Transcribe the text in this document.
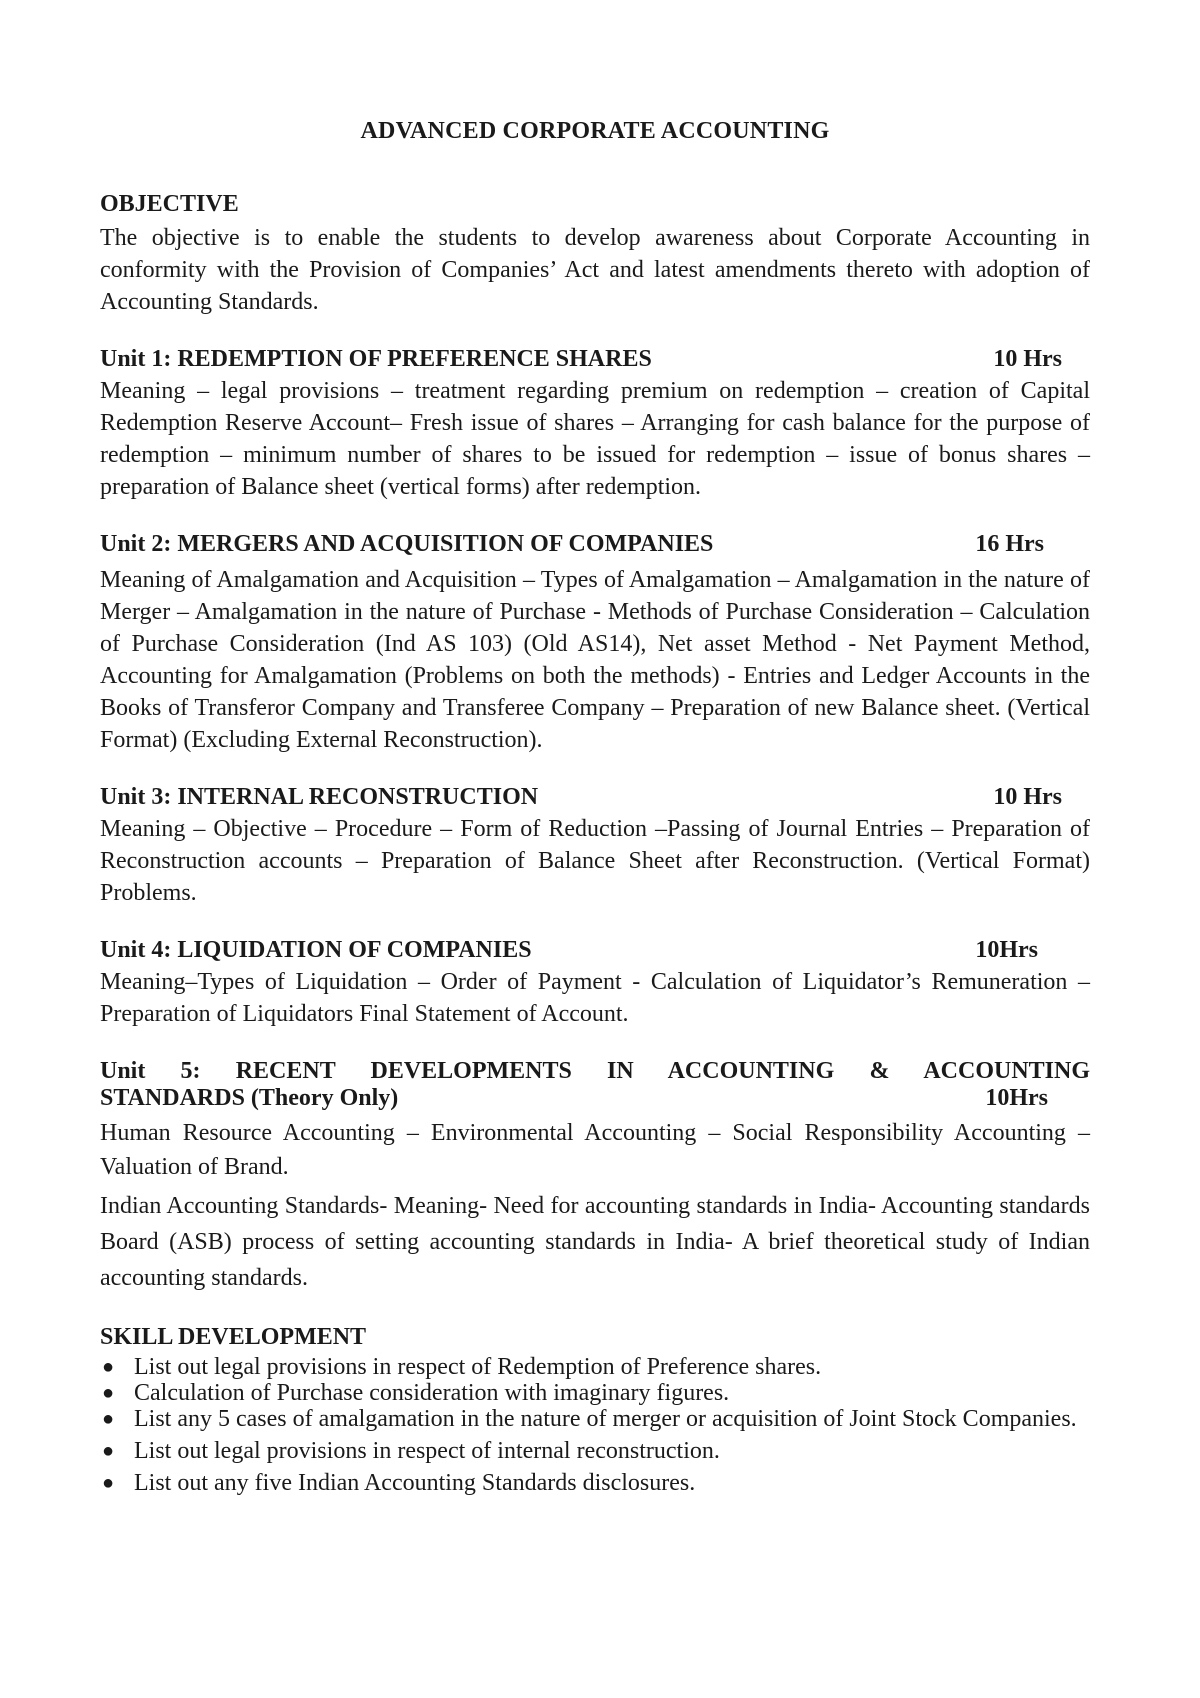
ADVANCED CORPORATE ACCOUNTING
OBJECTIVE

The objective is to enable the students to develop awareness about Corporate Accounting in conformity with the Provision of Companies’ Act and latest amendments thereto with adoption of Accounting Standards.

Unit 1: REDEMPTION OF PREFERENCE SHARES	10 Hrs

Meaning – legal provisions – treatment regarding premium on redemption – creation of Capital Redemption Reserve Account– Fresh issue of shares – Arranging for cash balance for the purpose of redemption – minimum number of shares to be issued for redemption – issue of bonus shares – preparation of Balance sheet (vertical forms) after redemption.

Unit 2: MERGERS AND ACQUISITION OF COMPANIES	16 Hrs

Meaning of Amalgamation and Acquisition – Types of Amalgamation – Amalgamation in the nature of Merger – Amalgamation in the nature of Purchase - Methods of Purchase Consideration – Calculation of Purchase Consideration (Ind AS 103) (Old AS14), Net asset Method - Net Payment Method, Accounting for Amalgamation (Problems on both the methods) - Entries and Ledger Accounts in the Books of Transferor Company and Transferee Company – Preparation of new Balance sheet. (Vertical Format) (Excluding External Reconstruction).

Unit 3: INTERNAL RECONSTRUCTION	10 Hrs

Meaning – Objective – Procedure – Form of Reduction –Passing of Journal Entries – Preparation of Reconstruction accounts – Preparation of Balance Sheet after Reconstruction. (Vertical Format) Problems.

Unit 4: LIQUIDATION OF COMPANIES	10Hrs

Meaning–Types of Liquidation – Order of Payment - Calculation of Liquidator’s Remuneration – Preparation of Liquidators Final Statement of Account.

Unit 5: RECENT DEVELOPMENTS IN ACCOUNTING & ACCOUNTING
STANDARDS (Theory Only)	10Hrs

Human Resource Accounting – Environmental Accounting – Social Responsibility Accounting – Valuation of Brand.

Indian Accounting Standards- Meaning- Need for accounting standards in India- Accounting standards Board (ASB) process of setting accounting standards in India- A brief theoretical study of Indian accounting standards.

SKILL DEVELOPMENT
● List out legal provisions in respect of Redemption of Preference shares.
● Calculation of Purchase consideration with imaginary figures.
● List any 5 cases of amalgamation in the nature of merger or acquisition of Joint Stock Companies.
● List out legal provisions in respect of internal reconstruction.
● List out any five Indian Accounting Standards disclosures.
